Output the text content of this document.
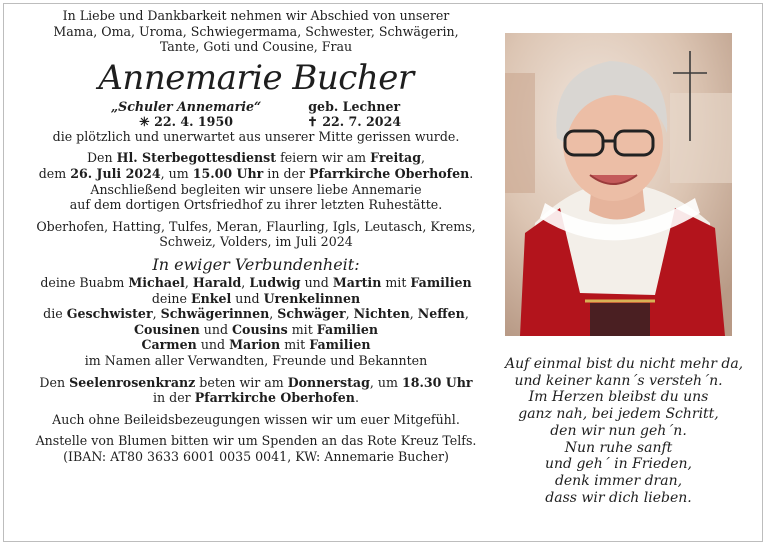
In Liebe und Dankbarkeit nehmen wir Abschied von unserer
Mama, Oma, Uroma, Schwiegermama, Schwester, Schwägerin,
Tante, Goti und Cousine, Frau
Annemarie Bucher
„Schuler Annemarie“
✳ 22. 4. 1950
geb. Lechner
✝ 22. 7. 2024
die plötzlich und unerwartet aus unserer Mitte gerissen wurde.
Den Hl. Sterbegottesdienst feiern wir am Freitag,
dem 26. Juli 2024, um 15.00 Uhr in der Pfarrkirche Oberhofen.
Anschließend begleiten wir unsere liebe Annemarie
auf dem dortigen Ortsfriedhof zu ihrer letzten Ruhestätte.
Oberhofen, Hatting, Tulfes, Meran, Flaurling, Igls, Leutasch, Krems,
Schweiz, Volders, im Juli 2024
In ewiger Verbundenheit:
deine Buabm Michael, Harald, Ludwig und Martin mit Familien
deine Enkel und Urenkelinnen
die Geschwister, Schwägerinnen, Schwäger, Nichten, Neffen,
Cousinen und Cousins mit Familien
Carmen und Marion mit Familien
im Namen aller Verwandten, Freunde und Bekannten
Den Seelenrosenkranz beten wir am Donnerstag, um 18.30 Uhr
in der Pfarrkirche Oberhofen.
Auch ohne Beileidsbezeugungen wissen wir um euer Mitgefühl.
Anstelle von Blumen bitten wir um Spenden an das Rote Kreuz Telfs.
(IBAN: AT80 3633 6001 0035 0041, KW: Annemarie Bucher)
Auf einmal bist du nicht mehr da,
und keiner kann´s versteh´n.
Im Herzen bleibst du uns
ganz nah, bei jedem Schritt,
den wir nun geh´n.
Nun ruhe sanft
und geh´ in Frieden,
denk immer dran,
dass wir dich lieben.
